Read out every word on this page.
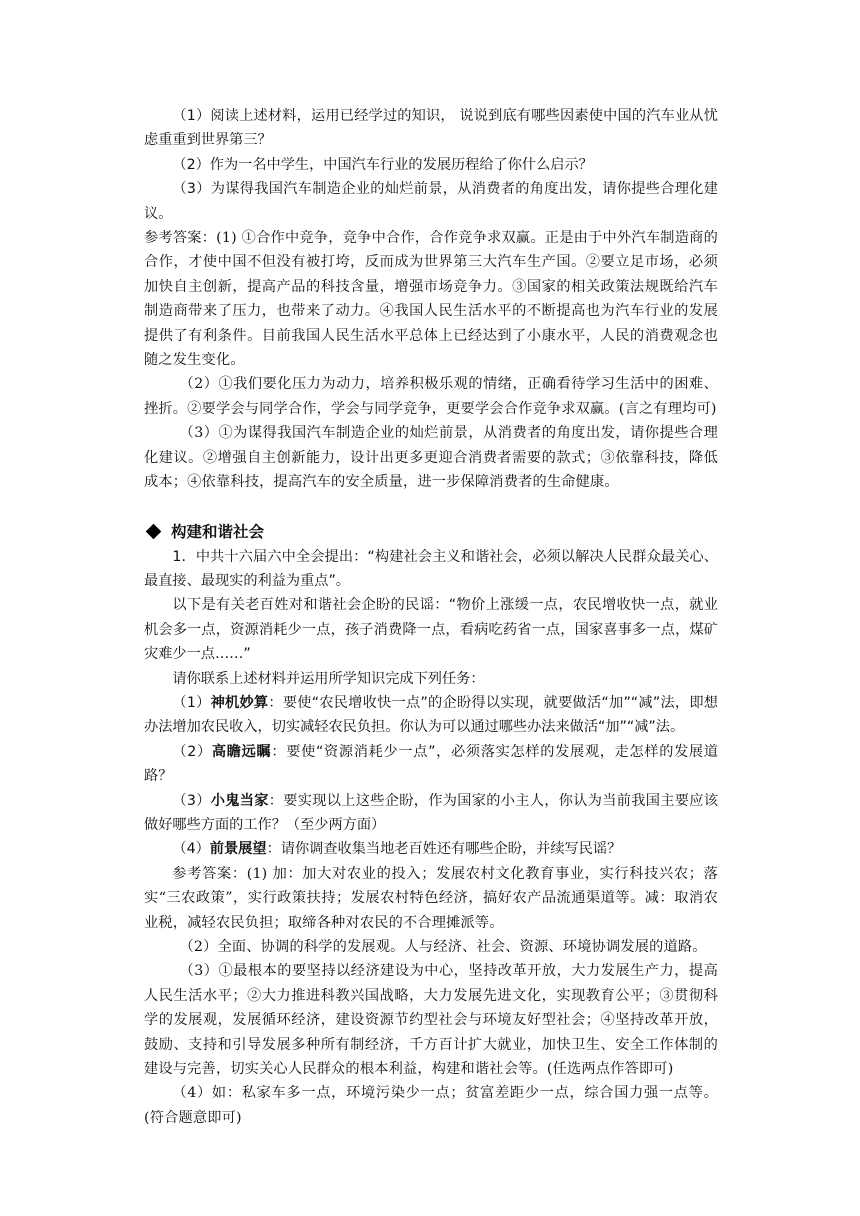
（1）阅读上述材料，运用已经学过的知识， 说说到底有哪些因素使中国的汽车业从忧虑重重到世界第三？

（2）作为一名中学生，中国汽车行业的发展历程给了你什么启示？

（3）为谋得我国汽车制造企业的灿烂前景，从消费者的角度出发，请你提些合理化建议。

参考答案：(1) ①合作中竞争，竞争中合作，合作竞争求双赢。正是由于中外汽车制造商的合作，才使中国不但没有被打垮，反而成为世界第三大汽车生产国。②要立足市场，必须加快自主创新，提高产品的科技含量，增强市场竞争力。③国家的相关政策法规既给汽车制造商带来了压力，也带来了动力。④我国人民生活水平的不断提高也为汽车行业的发展提供了有利条件。目前我国人民生活水平总体上已经达到了小康水平，人民的消费观念也随之发生变化。

（2）①我们要化压力为动力，培养积极乐观的情绪，正确看待学习生活中的困难、挫折。②要学会与同学合作，学会与同学竞争，更要学会合作竞争求双赢。(言之有理均可)

（3）①为谋得我国汽车制造企业的灿烂前景，从消费者的角度出发，请你提些合理化建议。②增强自主创新能力，设计出更多更迎合消费者需要的款式；③依靠科技，降低成本；④依靠科技，提高汽车的安全质量，进一步保障消费者的生命健康。

构建和谐社会

1．中共十六届六中全会提出：“构建社会主义和谐社会，必须以解决人民群众最关心、最直接、最现实的利益为重点”。

以下是有关老百姓对和谐社会企盼的民谣：“物价上涨缓一点，农民增收快一点，就业机会多一点，资源消耗少一点，孩子消费降一点，看病吃药省一点，国家喜事多一点，煤矿灾难少一点……”

请你联系上述材料并运用所学知识完成下列任务：

（1）神机妙算：要使“农民增收快一点”的企盼得以实现，就要做活“加”“减”法，即想办法增加农民收入，切实减轻农民负担。你认为可以通过哪些办法来做活“加”“减”法。

（2）高瞻远瞩：要使“资源消耗少一点”，必须落实怎样的发展观，走怎样的发展道路？

（3）小鬼当家：要实现以上这些企盼，作为国家的小主人，你认为当前我国主要应该做好哪些方面的工作？（至少两方面）

（4）前景展望：请你调查收集当地老百姓还有哪些企盼，并续写民谣？

参考答案：(1) 加：加大对农业的投入；发展农村文化教育事业，实行科技兴农；落实“三农政策”，实行政策扶持；发展农村特色经济，搞好农产品流通渠道等。减：取消农业税，减轻农民负担；取缔各种对农民的不合理摊派等。

（2）全面、协调的科学的发展观。人与经济、社会、资源、环境协调发展的道路。

（3）①最根本的要坚持以经济建设为中心，坚持改革开放，大力发展生产力，提高人民生活水平；②大力推进科教兴国战略，大力发展先进文化，实现教育公平；③贯彻科学的发展观，发展循环经济，建设资源节约型社会与环境友好型社会；④坚持改革开放，鼓励、支持和引导发展多种所有制经济，千方百计扩大就业，加快卫生、安全工作体制的建设与完善，切实关心人民群众的根本利益，构建和谐社会等。(任选两点作答即可)

（4）如：私家车多一点，环境污染少一点；贫富差距少一点，综合国力强一点等。(符合题意即可)
